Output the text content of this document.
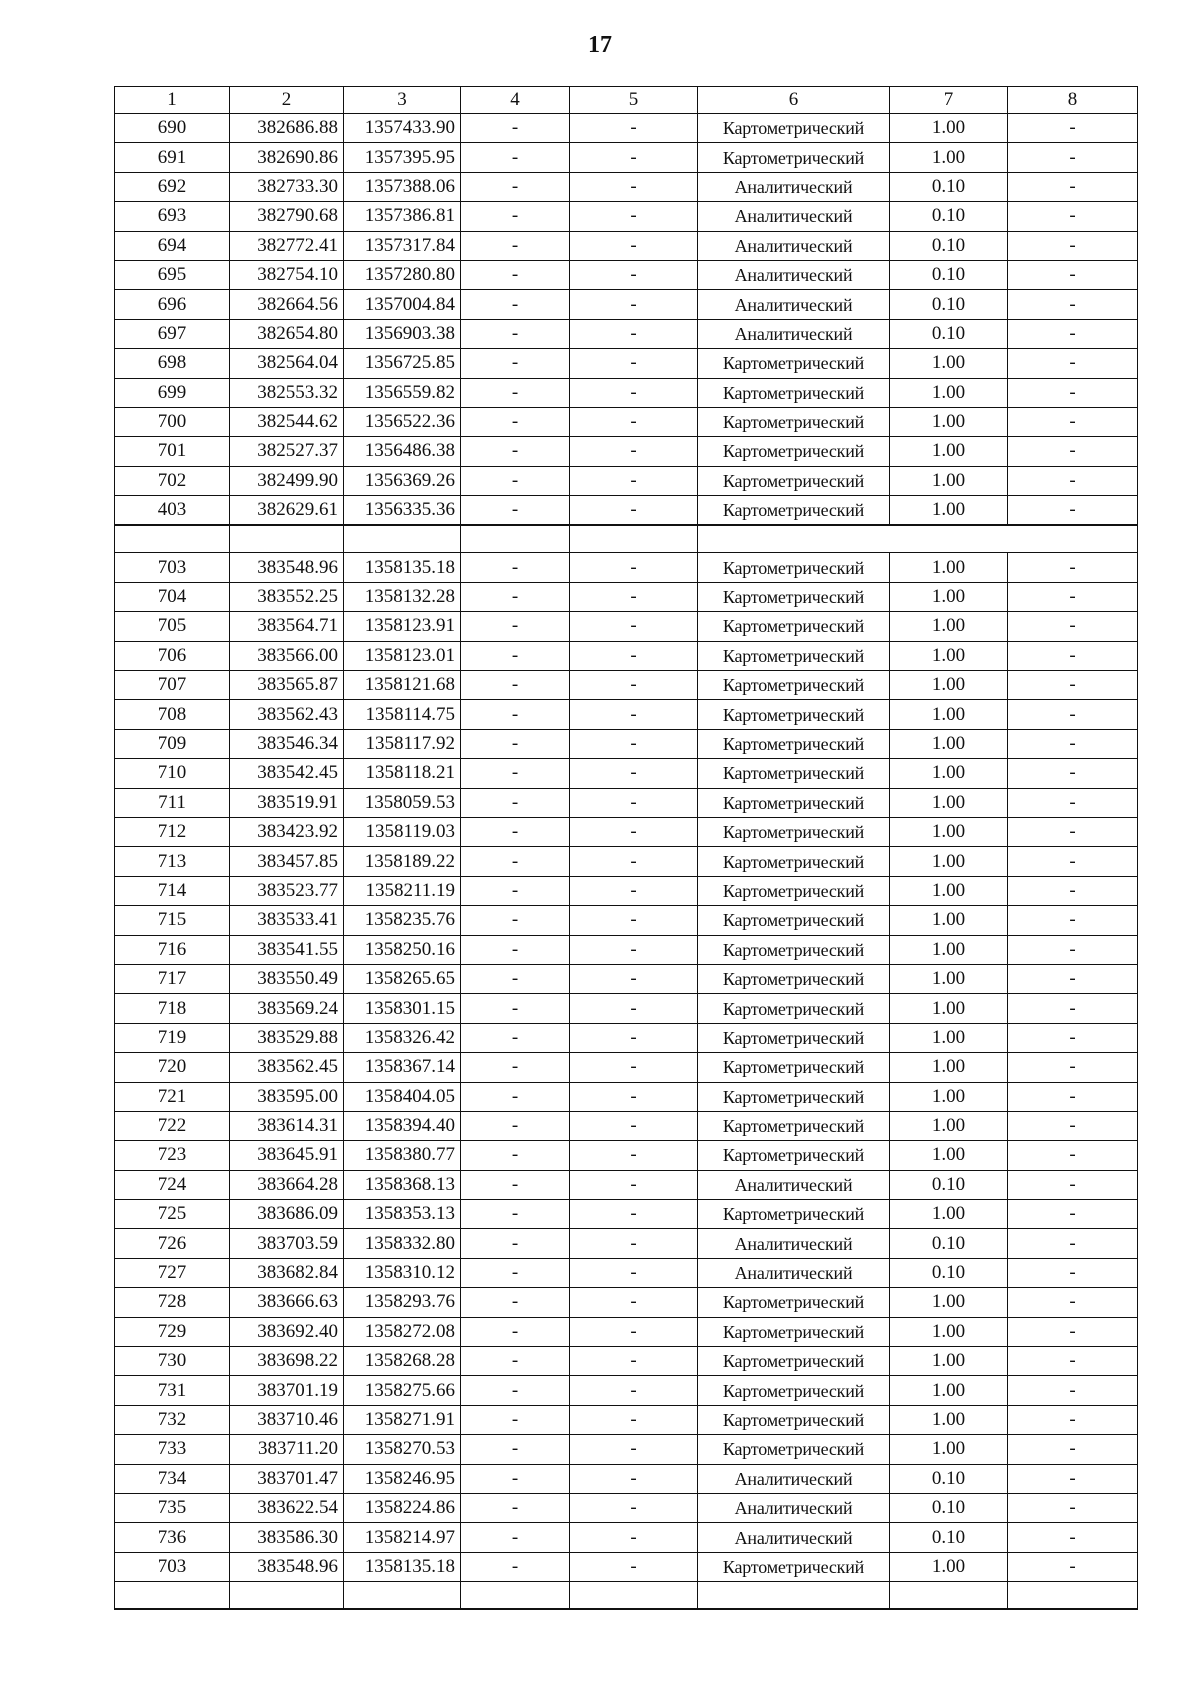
17
1	2	3	4	5	6	7	8
690	382686.88	1357433.90	-	-	Картометрический	1.00	-
691	382690.86	1357395.95	-	-	Картометрический	1.00	-
692	382733.30	1357388.06	-	-	Аналитический	0.10	-
693	382790.68	1357386.81	-	-	Аналитический	0.10	-
694	382772.41	1357317.84	-	-	Аналитический	0.10	-
695	382754.10	1357280.80	-	-	Аналитический	0.10	-
696	382664.56	1357004.84	-	-	Аналитический	0.10	-
697	382654.80	1356903.38	-	-	Аналитический	0.10	-
698	382564.04	1356725.85	-	-	Картометрический	1.00	-
699	382553.32	1356559.82	-	-	Картометрический	1.00	-
700	382544.62	1356522.36	-	-	Картометрический	1.00	-
701	382527.37	1356486.38	-	-	Картометрический	1.00	-
702	382499.90	1356369.26	-	-	Картометрический	1.00	-
403	382629.61	1356335.36	-	-	Картометрический	1.00	-

703	383548.96	1358135.18	-	-	Картометрический	1.00	-
704	383552.25	1358132.28	-	-	Картометрический	1.00	-
705	383564.71	1358123.91	-	-	Картометрический	1.00	-
706	383566.00	1358123.01	-	-	Картометрический	1.00	-
707	383565.87	1358121.68	-	-	Картометрический	1.00	-
708	383562.43	1358114.75	-	-	Картометрический	1.00	-
709	383546.34	1358117.92	-	-	Картометрический	1.00	-
710	383542.45	1358118.21	-	-	Картометрический	1.00	-
711	383519.91	1358059.53	-	-	Картометрический	1.00	-
712	383423.92	1358119.03	-	-	Картометрический	1.00	-
713	383457.85	1358189.22	-	-	Картометрический	1.00	-
714	383523.77	1358211.19	-	-	Картометрический	1.00	-
715	383533.41	1358235.76	-	-	Картометрический	1.00	-
716	383541.55	1358250.16	-	-	Картометрический	1.00	-
717	383550.49	1358265.65	-	-	Картометрический	1.00	-
718	383569.24	1358301.15	-	-	Картометрический	1.00	-
719	383529.88	1358326.42	-	-	Картометрический	1.00	-
720	383562.45	1358367.14	-	-	Картометрический	1.00	-
721	383595.00	1358404.05	-	-	Картометрический	1.00	-
722	383614.31	1358394.40	-	-	Картометрический	1.00	-
723	383645.91	1358380.77	-	-	Картометрический	1.00	-
724	383664.28	1358368.13	-	-	Аналитический	0.10	-
725	383686.09	1358353.13	-	-	Картометрический	1.00	-
726	383703.59	1358332.80	-	-	Аналитический	0.10	-
727	383682.84	1358310.12	-	-	Аналитический	0.10	-
728	383666.63	1358293.76	-	-	Картометрический	1.00	-
729	383692.40	1358272.08	-	-	Картометрический	1.00	-
730	383698.22	1358268.28	-	-	Картометрический	1.00	-
731	383701.19	1358275.66	-	-	Картометрический	1.00	-
732	383710.46	1358271.91	-	-	Картометрический	1.00	-
733	383711.20	1358270.53	-	-	Картометрический	1.00	-
734	383701.47	1358246.95	-	-	Аналитический	0.10	-
735	383622.54	1358224.86	-	-	Аналитический	0.10	-
736	383586.30	1358214.97	-	-	Аналитический	0.10	-
703	383548.96	1358135.18	-	-	Картометрический	1.00	-
